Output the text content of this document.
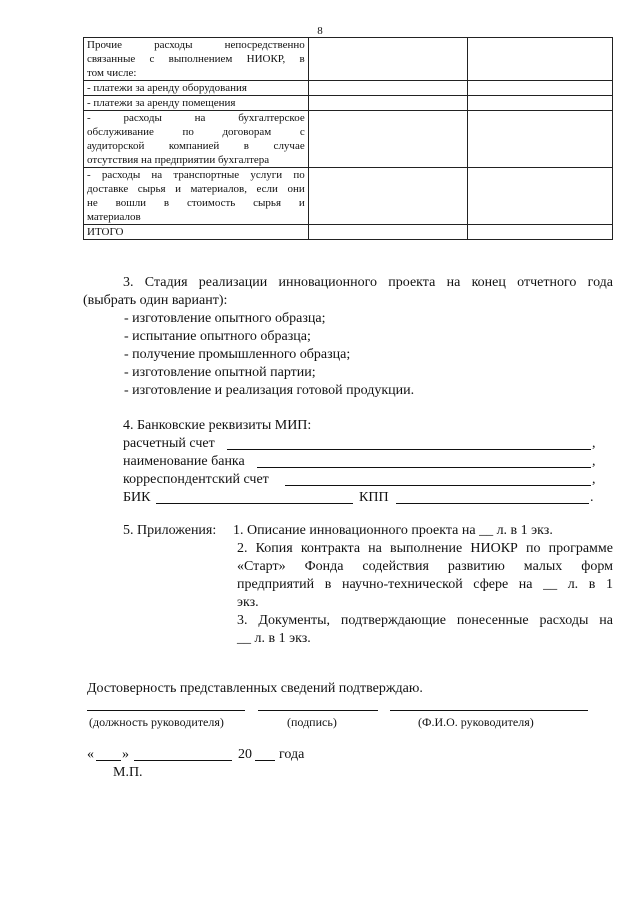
8
Прочие расходы непосредственно
связанные с выполнением НИОКР, в
том числе:		

- платежи за аренду оборудования		

- платежи за аренду помещения		

- расходы на бухгалтерское
обслуживание по договорам с
аудиторской компанией в случае
отсутствия на предприятии бухгалтера		

- расходы на транспортные услуги по
доставке сырья и материалов, если они
не вошли в стоимость сырья и
материалов		

ИТОГО		

3. Стадия реализации инновационного проекта на конец отчетного года
(выбрать один вариант):
- изготовление опытного образца;
- испытание опытного образца;
- получение промышленного образца;
- изготовление опытной партии;
- изготовление и реализация готовой продукции.
4. Банковские реквизиты МИП:
расчетный счет	,
наименование банка	,
корреспондентский счет	,
БИК	КПП	.
5. Приложения: 1. Описание инновационного проекта на __ л. в 1 экз.
2. Копия контракта на выполнение НИОКР по программе
«Старт» Фонда содействия развитию малых форм
предприятий в научно-технической сфере на __ л. в 1
экз.
3. Документы, подтверждающие понесенные расходы на
__ л. в 1 экз.
Достоверность представленных сведений подтверждаю.
(должность руководителя)	(подпись)	(Ф.И.О. руководителя)
« »	20 года
М.П.
